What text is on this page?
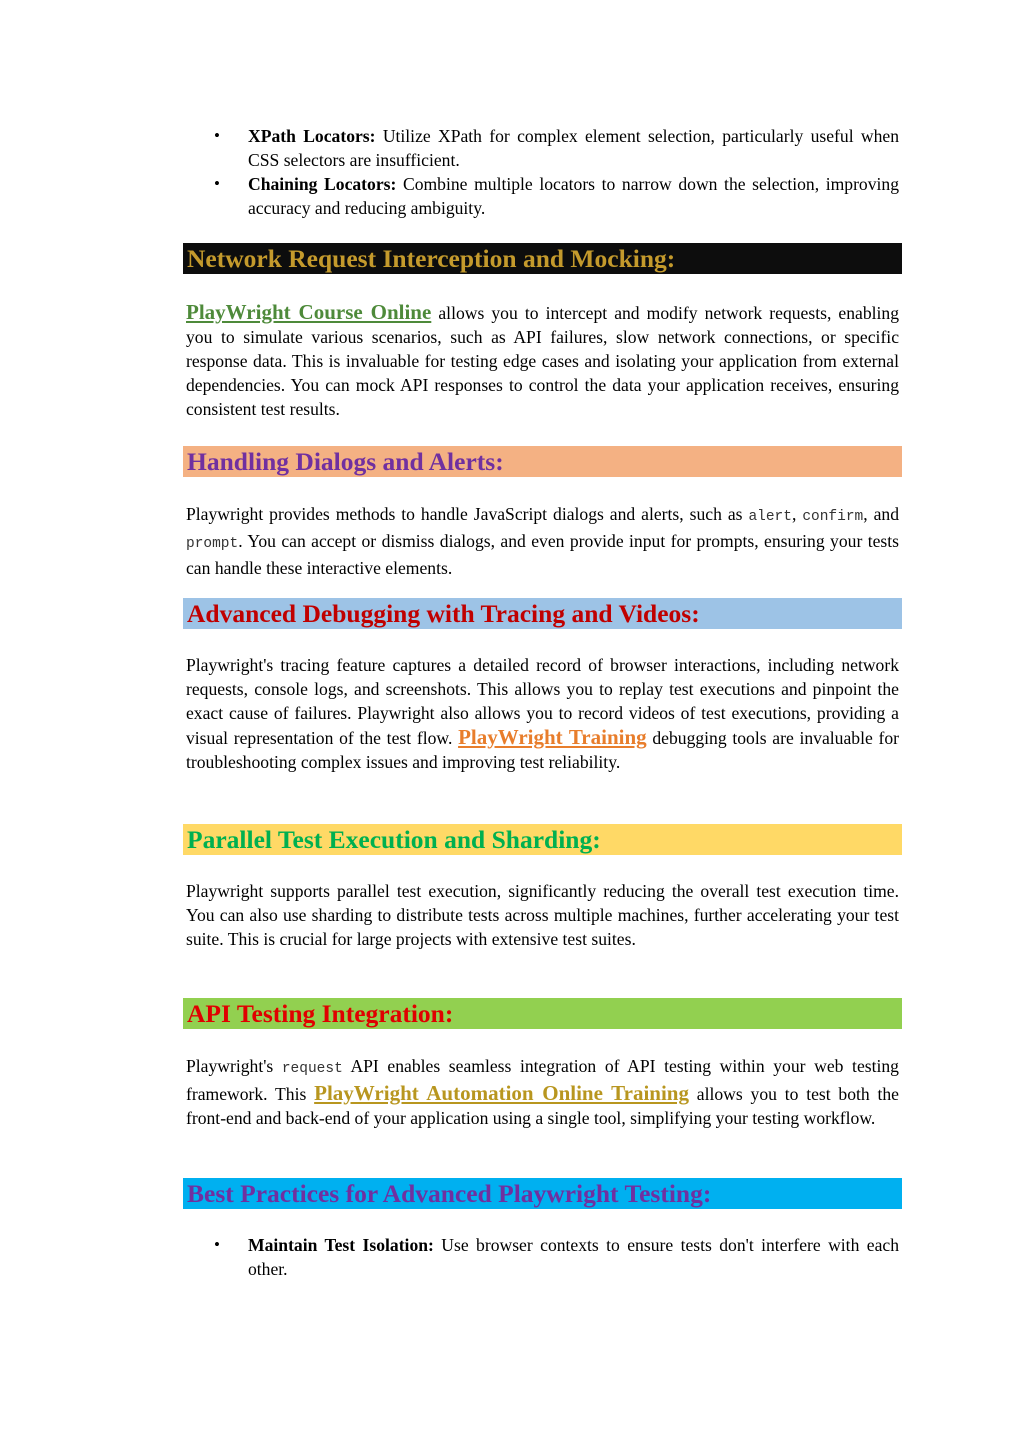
• XPath Locators: Utilize XPath for complex element selection, particularly useful when CSS selectors are insufficient.
• Chaining Locators: Combine multiple locators to narrow down the selection, improving accuracy and reducing ambiguity.
Network Request Interception and Mocking:
PlayWright Course Online allows you to intercept and modify network requests, enabling you to simulate various scenarios, such as API failures, slow network connections, or specific response data. This is invaluable for testing edge cases and isolating your application from external dependencies. You can mock API responses to control the data your application receives, ensuring consistent test results.
Handling Dialogs and Alerts:
Playwright provides methods to handle JavaScript dialogs and alerts, such as alert, confirm, and prompt. You can accept or dismiss dialogs, and even provide input for prompts, ensuring your tests can handle these interactive elements.
Advanced Debugging with Tracing and Videos:
Playwright's tracing feature captures a detailed record of browser interactions, including network requests, console logs, and screenshots. This allows you to replay test executions and pinpoint the exact cause of failures. Playwright also allows you to record videos of test executions, providing a visual representation of the test flow. PlayWright Training debugging tools are invaluable for troubleshooting complex issues and improving test reliability.
Parallel Test Execution and Sharding:
Playwright supports parallel test execution, significantly reducing the overall test execution time. You can also use sharding to distribute tests across multiple machines, further accelerating your test suite. This is crucial for large projects with extensive test suites.
API Testing Integration:
Playwright's request API enables seamless integration of API testing within your web testing framework. This PlayWright Automation Online Training allows you to test both the front-end and back-end of your application using a single tool, simplifying your testing workflow.
Best Practices for Advanced Playwright Testing:
• Maintain Test Isolation: Use browser contexts to ensure tests don't interfere with each other.
